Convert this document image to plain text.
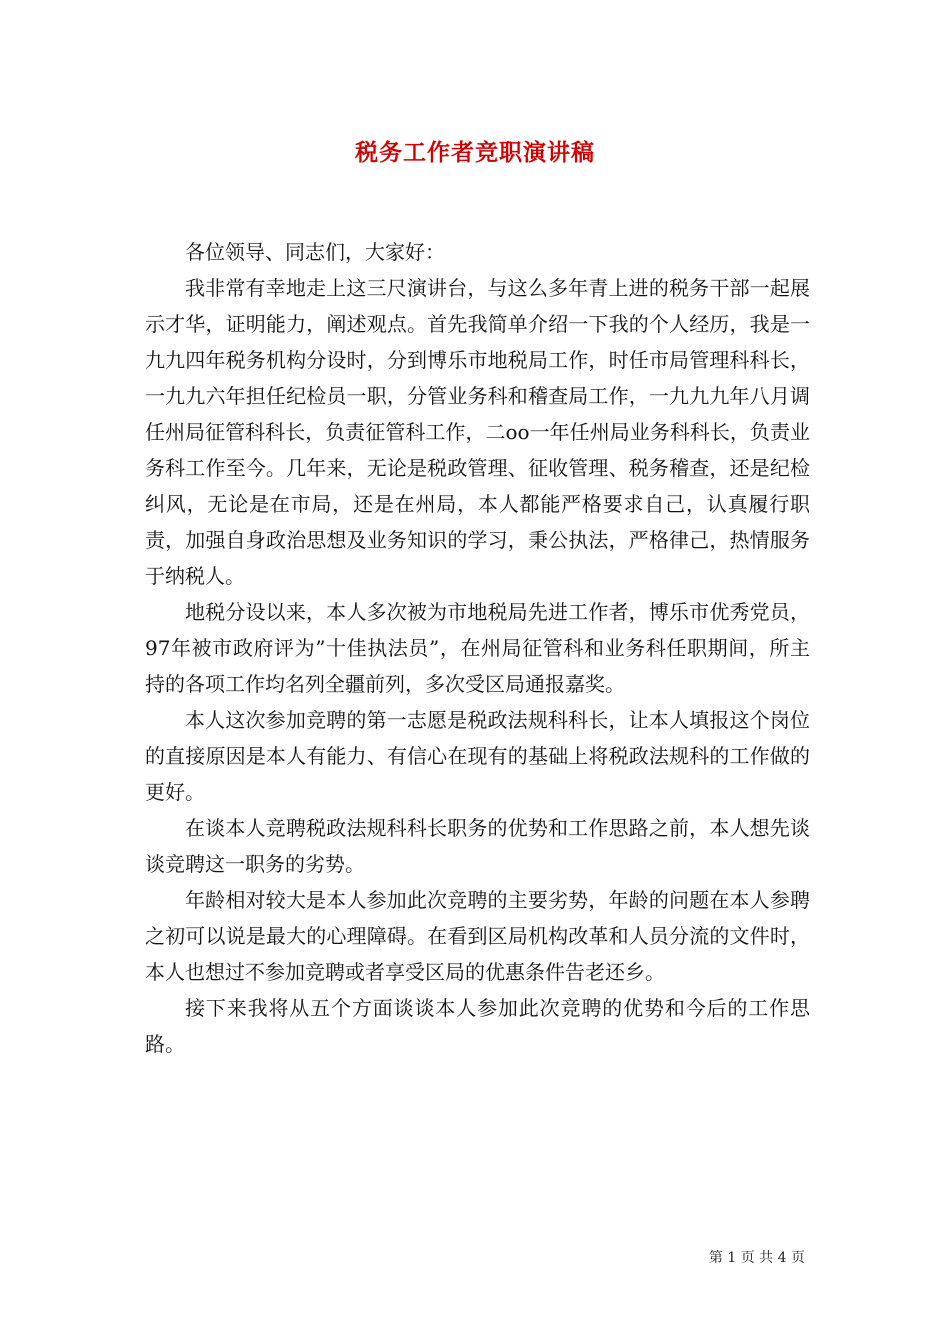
税务工作者竞职演讲稿

各位领导、同志们，大家好：

我非常有幸地走上这三尺演讲台，与这么多年青上进的税务干部一起展示才华，证明能力，阐述观点。首先我简单介绍一下我的个人经历，我是一九九四年税务机构分设时，分到博乐市地税局工作，时任市局管理科科长，一九九六年担任纪检员一职，分管业务科和稽查局工作，一九九九年八月调任州局征管科科长，负责征管科工作，二oo一年任州局业务科科长，负责业务科工作至今。几年来，无论是税政管理、征收管理、税务稽查，还是纪检纠风，无论是在市局，还是在州局，本人都能严格要求自己，认真履行职责，加强自身政治思想及业务知识的学习，秉公执法，严格律己，热情服务于纳税人。

地税分设以来，本人多次被为市地税局先进工作者，博乐市优秀党员，97年被市政府评为”十佳执法员”，在州局征管科和业务科任职期间，所主持的各项工作均名列全疆前列，多次受区局通报嘉奖。

本人这次参加竞聘的第一志愿是税政法规科科长，让本人填报这个岗位的直接原因是本人有能力、有信心在现有的基础上将税政法规科的工作做的更好。

在谈本人竞聘税政法规科科长职务的优势和工作思路之前，本人想先谈谈竞聘这一职务的劣势。

年龄相对较大是本人参加此次竞聘的主要劣势，年龄的问题在本人参聘之初可以说是最大的心理障碍。在看到区局机构改革和人员分流的文件时，本人也想过不参加竞聘或者享受区局的优惠条件告老还乡。

接下来我将从五个方面谈谈本人参加此次竞聘的优势和今后的工作思路。

第 1 页 共 4 页
